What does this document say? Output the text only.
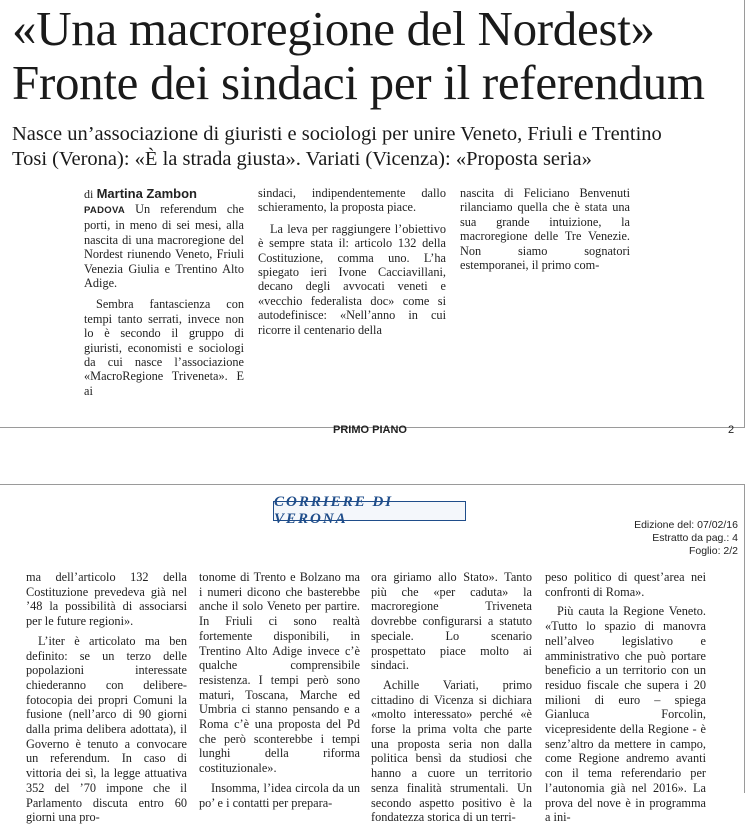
«Una macroregione del Nordest»
Fronte dei sindaci per il referendum
Nasce un’associazione di giuristi e sociologi per unire Veneto, Friuli e Trentino
Tosi (Verona): «È la strada giusta». Variati (Vicenza): «Proposta seria»
di Martina Zambon

PADOVA Un referendum che porti, in meno di sei mesi, alla nascita di una macroregione del Nordest riunendo Veneto, Friuli Venezia Giulia e Trentino Alto Adige.

Sembra fantascienza con tempi tanto serrati, invece non lo è secondo il gruppo di giuristi, economisti e sociologi da cui nasce l’associazione «MacroRegione Triveneta». E ai

sindaci, indipendentemente dallo schieramento, la proposta piace.

La leva per raggiungere l’obiettivo è sempre stata il: articolo 132 della Costituzione, comma uno. L’ha spiegato ieri Ivone Cacciavillani, decano degli avvocati veneti e «vecchio federalista doc» come si autodefinisce: «Nell’anno in cui ricorre il centenario della

nascita di Feliciano Benvenuti rilanciamo quella che è stata una sua grande intuizione, la macroregione delle Tre Venezie. Non siamo sognatori estemporanei, il primo com-

PRIMO PIANO	2
CORRIERE DI VERONA	Edizione del: 07/02/16
Estratto da pag.: 4
Foglio: 2/2

ma dell’articolo 132 della Costituzione prevedeva già nel ’48 la possibilità di associarsi per le future regioni».

L’iter è articolato ma ben definito: se un terzo delle popolazioni interessate chiederanno con delibere-fotocopia dei propri Comuni la fusione (nell’arco di 90 giorni dalla prima delibera adottata), il Governo è tenuto a convocare un referendum. In caso di vittoria dei sì, la legge attuativa 352 del ’70 impone che il Parlamento discuta entro 60 giorni una pro-

tonome di Trento e Bolzano ma i numeri dicono che basterebbe anche il solo Veneto per partire. In Friuli ci sono realtà fortemente disponibili, in Trentino Alto Adige invece c’è qualche comprensibile resistenza. I tempi però sono maturi, Toscana, Marche ed Umbria ci stanno pensando e a Roma c’è una proposta del Pd che però sconterebbe i tempi lunghi della riforma costituzionale».

Insomma, l’idea circola da un po’ e i contatti per prepara-

ora giriamo allo Stato». Tanto più che «per caduta» la macroregione Triveneta dovrebbe configurarsi a statuto speciale. Lo scenario prospettato piace molto ai sindaci.

Achille Variati, primo cittadino di Vicenza si dichiara «molto interessato» perché «è forse la prima volta che parte una proposta seria non dalla politica bensì da studiosi che hanno a cuore un territorio senza finalità strumentali. Un secondo aspetto positivo è la fondatezza storica di un terri-

peso politico di quest’area nei confronti di Roma».

Più cauta la Regione Veneto. «Tutto lo spazio di manovra nell’alveo legislativo e amministrativo che può portare beneficio a un territorio con un residuo fiscale che supera i 20 milioni di euro – spiega Gianluca Forcolin, vicepresidente della Regione - è senz’altro da mettere in campo, come Regione andremo avanti con il tema referendario per l’autonomia già nel 2016». La prova del nove è in programma a ini-
